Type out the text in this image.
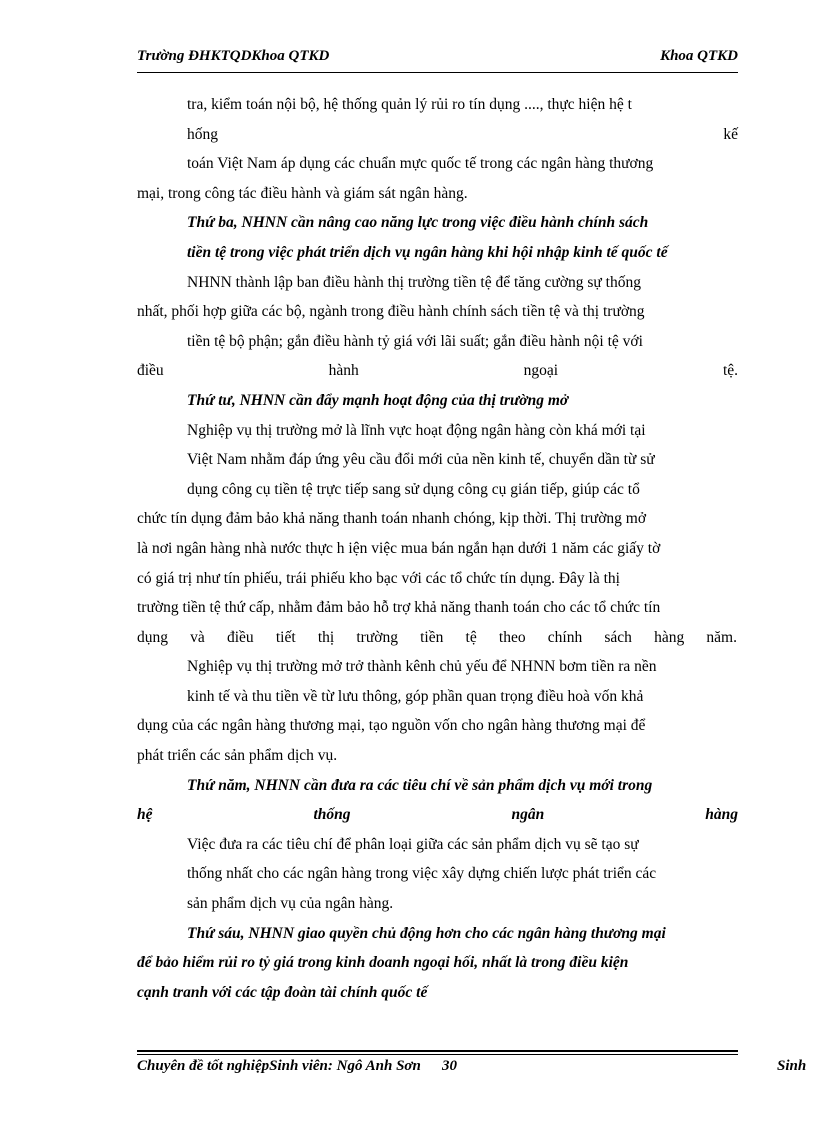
Trường ĐHKTQDKhoa QTKD	Khoa QTKD
tra, kiểm toán nội bộ, hệ thống quản lý rủi ro tín dụng ...., thực hiện hệ t
hống	kế
toán Việt Nam áp dụng các chuẩn mực quốc tế trong các ngân hàng thương
mại, trong công tác điều hành và giám sát ngân hàng.
Thứ ba, NHNN cần nâng cao năng lực trong việc điều hành chính sách
tiền tệ trong việc phát triển dịch vụ ngân hàng khi hội nhập kinh tế quốc tế
NHNN thành lập ban điều hành thị trường tiền tệ để tăng cường sự thống
nhất, phối hợp giữa các bộ, ngành trong điều hành chính sách tiền tệ và thị trường
tiền tệ bộ phận; gắn điều hành tỷ giá với lãi suất; gắn điều hành nội tệ với
điều	hành	ngoại	tệ.
Thứ tư, NHNN cần đẩy mạnh hoạt động của thị trường mở
Nghiệp vụ thị trường mở là lĩnh vực hoạt động ngân hàng còn khá mới tại
Việt Nam nhằm đáp ứng yêu cầu đổi mới của nền kinh tế, chuyển dần từ sử
dụng công cụ tiền tệ trực tiếp sang sử dụng công cụ gián tiếp, giúp các tổ
chức tín dụng đảm bảo khả năng thanh toán nhanh chóng, kịp thời. Thị trường mở
là nơi ngân hàng nhà nước thực h iện việc mua bán ngắn hạn dưới 1 năm các giấy tờ
có giá trị như tín phiếu, trái phiếu kho bạc với các tổ chức tín dụng. Đây là thị
trường tiền tệ thứ cấp, nhằm đảm bảo hỗ trợ khả năng thanh toán cho các tổ chức tín
dụng và điều tiết thị trường tiền tệ theo chính sách hàng năm.
Nghiệp vụ thị trường mở trở thành kênh chủ yếu để NHNN bơm tiền ra nền
kinh tế và thu tiền về từ lưu thông, góp phần quan trọng điều hoà vốn khả
dụng của các ngân hàng thương mại, tạo nguồn vốn cho ngân hàng thương mại để
phát triển các sản phẩm dịch vụ.
Thứ năm, NHNN cần đưa ra các tiêu chí về sản phẩm dịch vụ mới trong
hệ	thống	ngân	hàng
Việc đưa ra các tiêu chí để phân loại giữa các sản phẩm dịch vụ sẽ tạo sự
thống nhất cho các ngân hàng trong việc xây dựng chiến lược phát triển các
sản phẩm dịch vụ của ngân hàng.
Thứ sáu, NHNN giao quyền chủ động hơn cho các ngân hàng thương mại
để bảo hiểm rủi ro tỷ giá trong kinh doanh ngoại hối, nhất là trong điều kiện
cạnh tranh với các tập đoàn tài chính quốc tế
Chuyên đề tốt nghiệpSinh viên: Ngô Anh Sơn 30	Sinh
